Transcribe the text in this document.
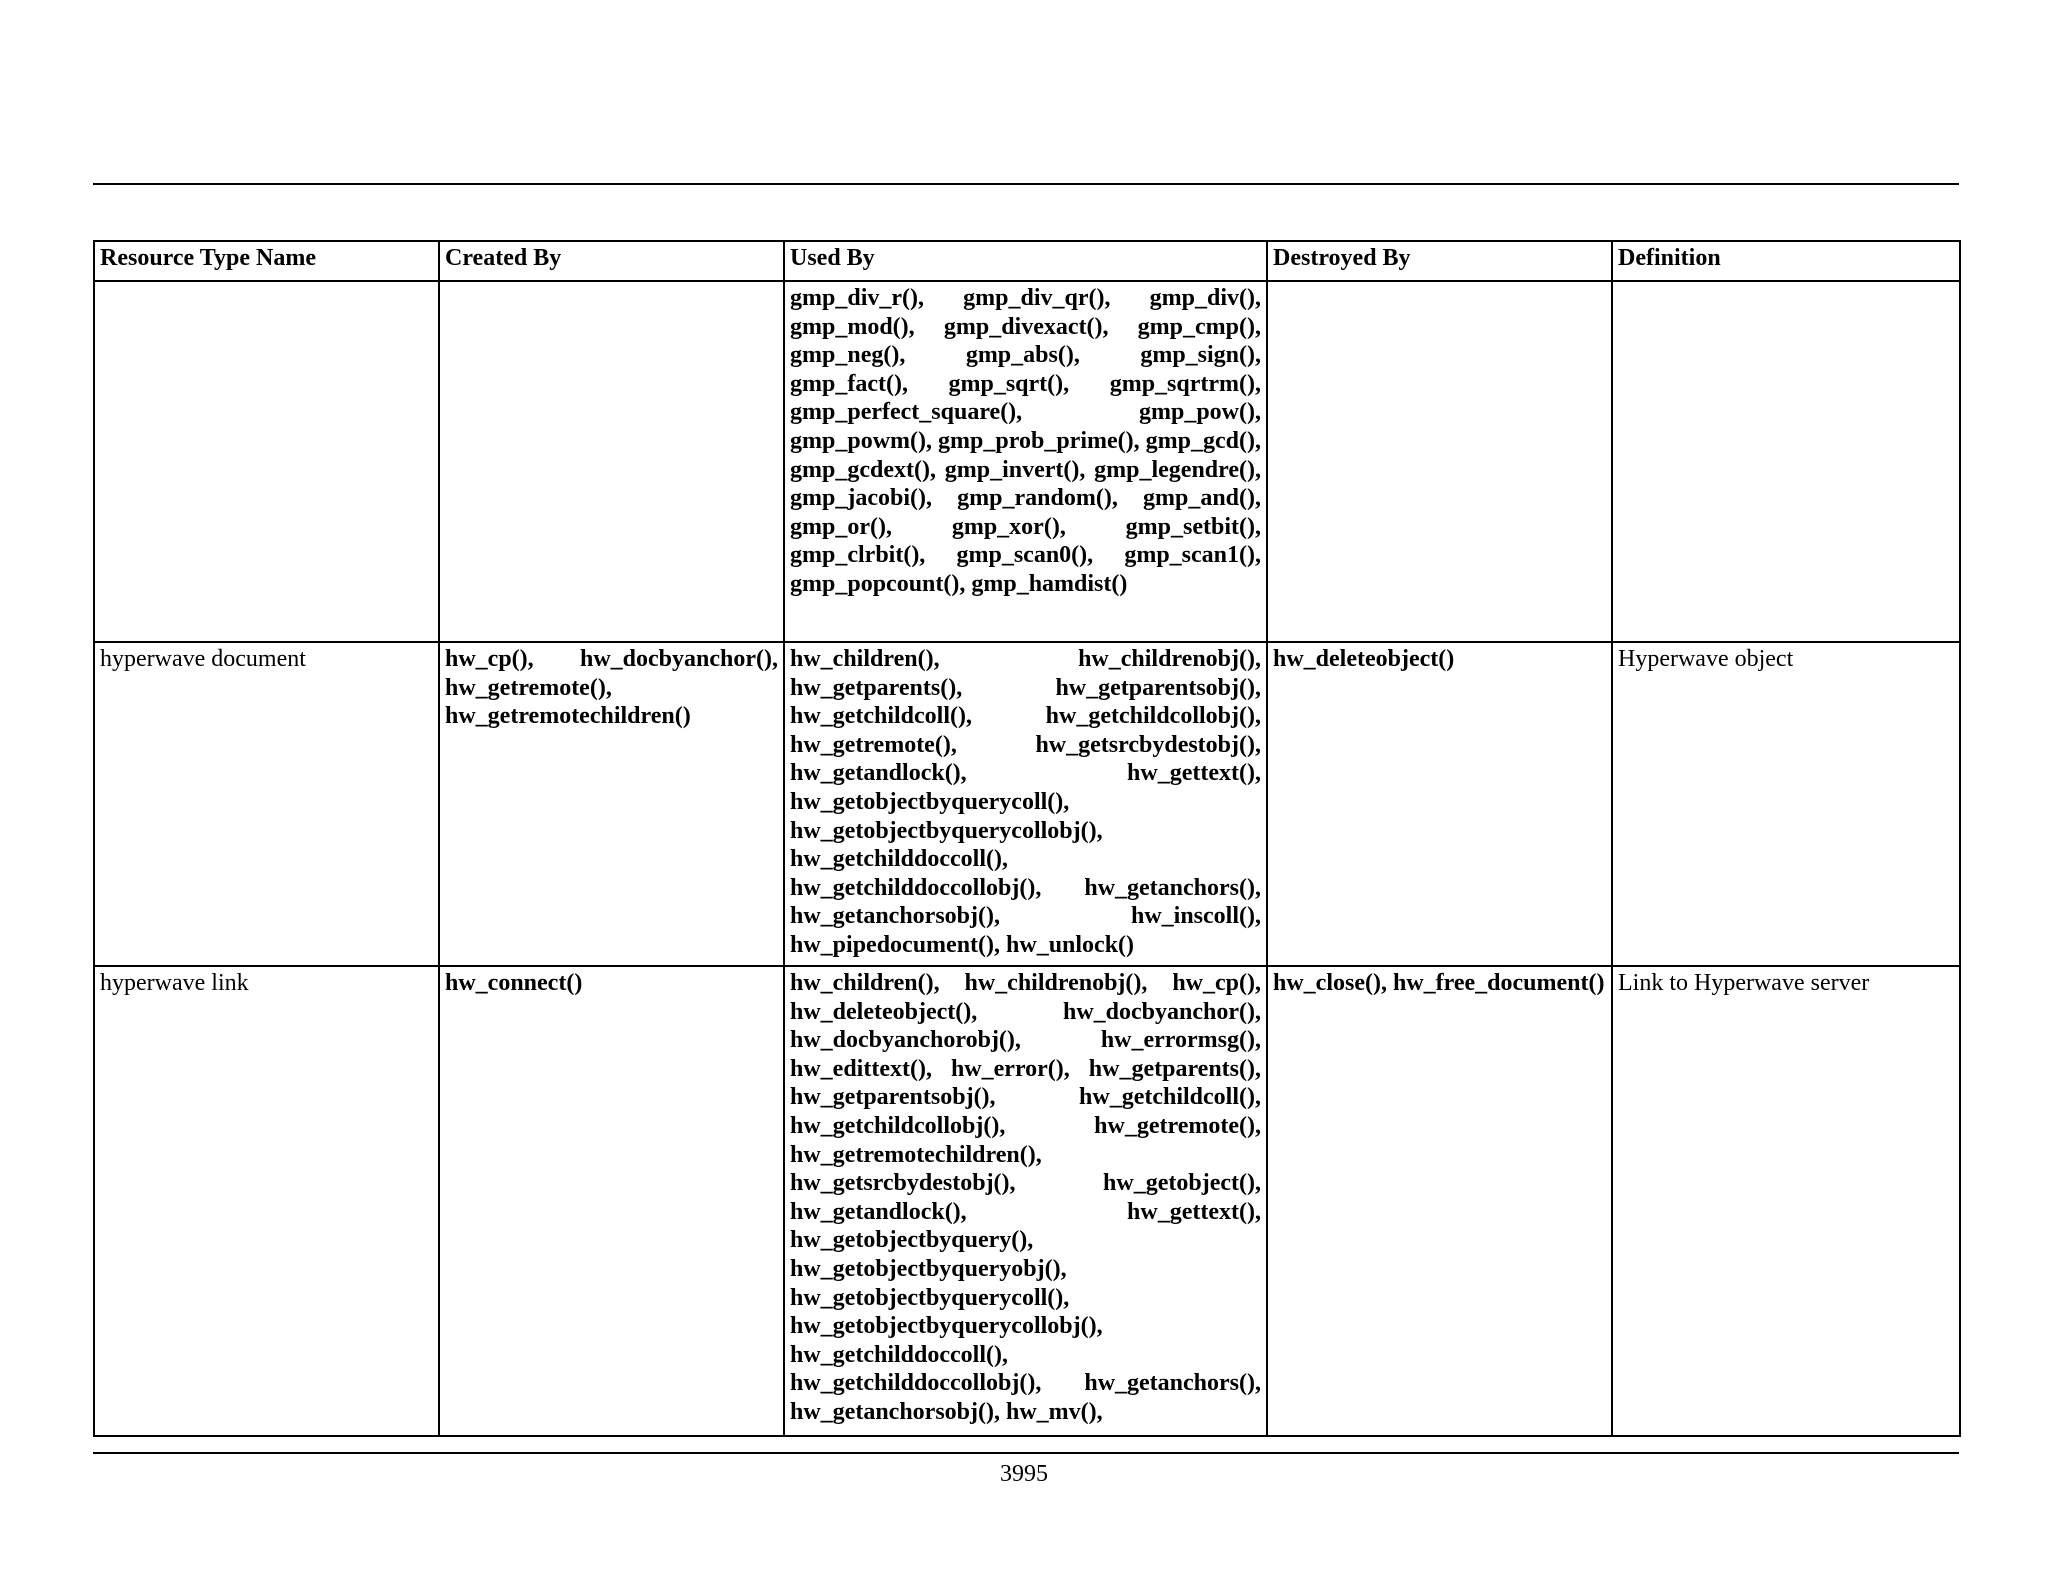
Resource Type Name	Created By	Used By	Destroyed By	Definition
		gmp_div_r(), gmp_div_qr(), gmp_div(), gmp_mod(), gmp_divexact(), gmp_cmp(), gmp_neg(), gmp_abs(), gmp_sign(), gmp_fact(), gmp_sqrt(), gmp_sqrtrm(), gmp_perfect_square(), gmp_pow(), gmp_powm(), gmp_prob_prime(), gmp_gcd(), gmp_gcdext(), gmp_invert(), gmp_legendre(), gmp_jacobi(), gmp_random(), gmp_and(), gmp_or(), gmp_xor(), gmp_setbit(), gmp_clrbit(), gmp_scan0(), gmp_scan1(), gmp_popcount(), gmp_hamdist()		
hyperwave document	hw_cp(), hw_docbyanchor(), hw_getremote(), hw_getremotechildren()	hw_children(), hw_childrenobj(), hw_getparents(), hw_getparentsobj(), hw_getchildcoll(), hw_getchildcollobj(), hw_getremote(), hw_getsrcbydestobj(), hw_getandlock(), hw_gettext(), hw_getobjectbyquerycoll(), hw_getobjectbyquerycollobj(), hw_getchilddoccoll(), hw_getchilddoccollobj(), hw_getanchors(), hw_getanchorsobj(), hw_inscoll(), hw_pipedocument(), hw_unlock()	hw_deleteobject()	Hyperwave object
hyperwave link	hw_connect()	hw_children(), hw_childrenobj(), hw_cp(), hw_deleteobject(), hw_docbyanchor(), hw_docbyanchorobj(), hw_errormsg(), hw_edittext(), hw_error(), hw_getparents(), hw_getparentsobj(), hw_getchildcoll(), hw_getchildcollobj(), hw_getremote(), hw_getremotechildren(), hw_getsrcbydestobj(), hw_getobject(), hw_getandlock(), hw_gettext(), hw_getobjectbyquery(), hw_getobjectbyqueryobj(), hw_getobjectbyquerycoll(), hw_getobjectbyquerycollobj(), hw_getchilddoccoll(), hw_getchilddoccollobj(), hw_getanchors(), hw_getanchorsobj(), hw_mv(),	hw_close(), hw_free_document()	Link to Hyperwave server
3995
